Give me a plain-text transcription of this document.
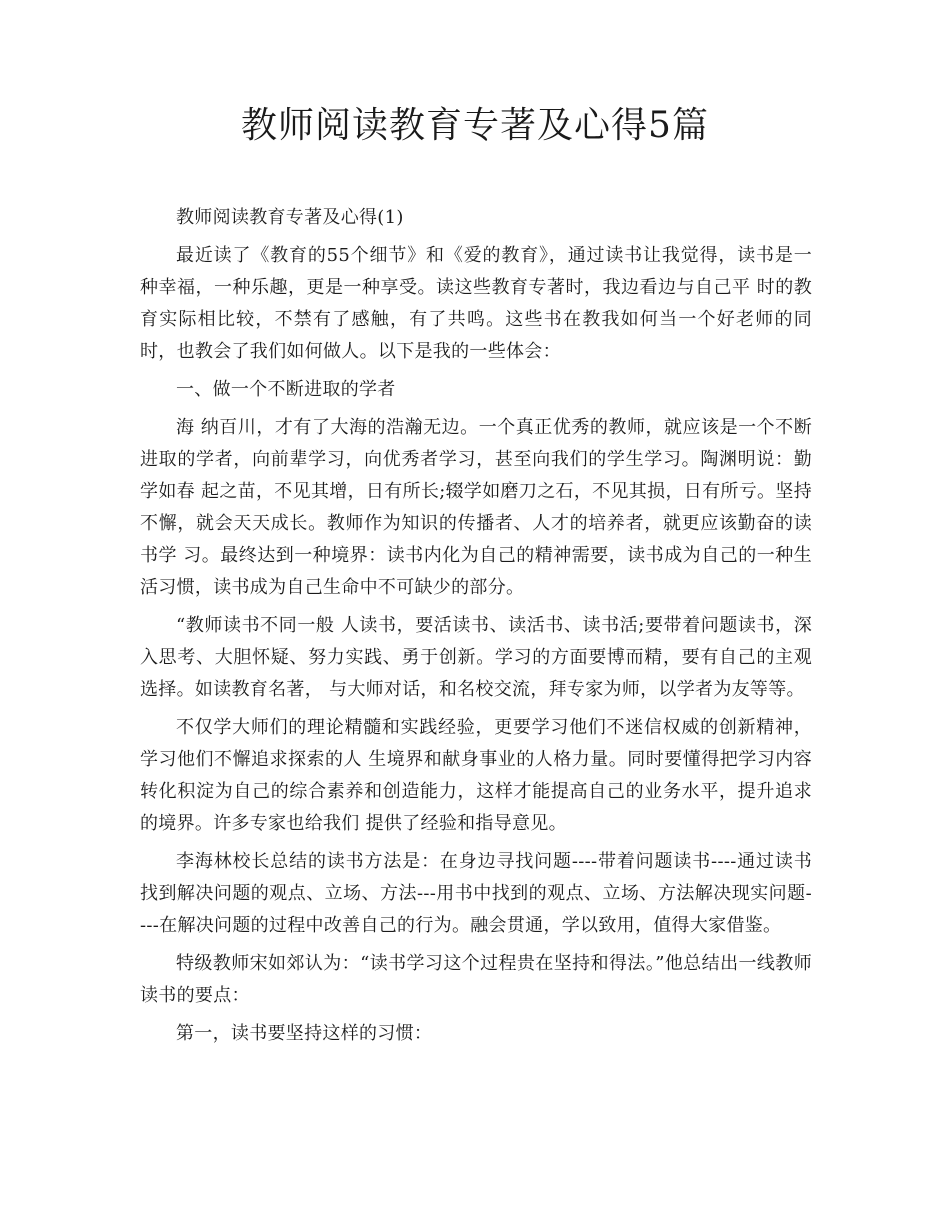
教师阅读教育专著及心得5篇

教师阅读教育专著及心得(1)

最近读了《教育的55个细节》和《爱的教育》，通过读书让我觉得，读书是一种幸福，一种乐趣，更是一种享受。读这些教育专著时，我边看边与自己平 时的教育实际相比较，不禁有了感触，有了共鸣。这些书在教我如何当一个好老师的同时，也教会了我们如何做人。以下是我的一些体会：

一、做一个不断进取的学者

海 纳百川，才有了大海的浩瀚无边。一个真正优秀的教师，就应该是一个不断进取的学者，向前辈学习，向优秀者学习，甚至向我们的学生学习。陶渊明说：勤学如春 起之苗，不见其增，日有所长;辍学如磨刀之石，不见其损，日有所亏。坚持不懈，就会天天成长。教师作为知识的传播者、人才的培养者，就更应该勤奋的读书学 习。最终达到一种境界：读书内化为自己的精神需要，读书成为自己的一种生活习惯，读书成为自己生命中不可缺少的部分。

“教师读书不同一般 人读书，要活读书、读活书、读书活;要带着问题读书，深入思考、大胆怀疑、努力实践、勇于创新。学习的方面要博而精，要有自己的主观选择。如读教育名著， 与大师对话，和名校交流，拜专家为师，以学者为友等等。

不仅学大师们的理论精髓和实践经验，更要学习他们不迷信权威的创新精神，学习他们不懈追求探索的人 生境界和献身事业的人格力量。同时要懂得把学习内容转化积淀为自己的综合素养和创造能力，这样才能提高自己的业务水平，提升追求的境界。许多专家也给我们 提供了经验和指导意见。

李海林校长总结的读书方法是：在身边寻找问题----带着问题读书----通过读书找到解决问题的观点、立场、方法---用书中找到的观点、立场、方法解决现实问题----在解决问题的过程中改善自己的行为。融会贯通，学以致用，值得大家借鉴。

特级教师宋如郊认为：“读书学习这个过程贵在坚持和得法。”他总结出一线教师读书的要点：

第一，读书要坚持这样的习惯：
